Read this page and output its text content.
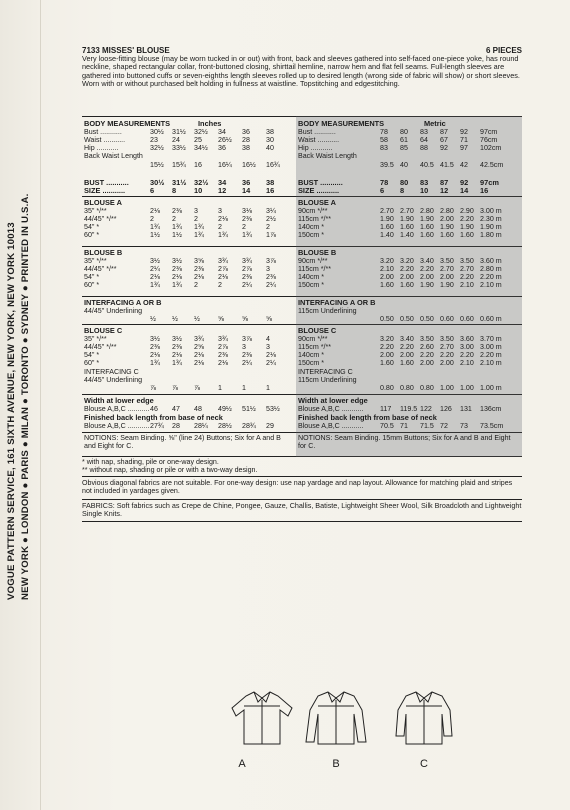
VOGUE PATTERN SERVICE, 161 SIXTH AVENUE, NEW YORK, NEW YORK 10013 NEW YORK ● LONDON ● PARIS ● MILAN ● TORONTO ● SYDNEY ● PRINTED IN U.S.A.
7133 MISSES' BLOUSE	6 PIECES
Very loose-fitting blouse (may be worn tucked in or out) with front, back and sleeves gathered into self-faced one-piece yoke, has round neckline, shaped rectangular collar, front-buttoned closing, shirttail hemline, narrow hem and flat fell seams. Full-length sleeves are gathered into buttoned cuffs or seven-eighths length sleeves rolled up to desired length (wrong side of fabric will show) or short sleeves. Worn with or without purchased belt holding in fullness at waistline. Topstitching and edgestitching.
BODY MEASUREMENTS	Inches
Bust ...........	30½ 31½ 32½ 34 36 38
Waist ...........	23 24 25 26½ 28 30
Hip ...........	32½ 33½ 34½ 36 38 40
Back Waist Length
15½ 15¾ 16 16¼ 16½ 16¾
BUST ...........	30½ 31½ 32½ 34 36 38
SIZE ...........	6 8 10 12 14 16
BLOUSE A
35" */**	2⅛ 2⅜ 3	3	3⅛ 3¼
44/45" */**	2	2	2	2⅛ 2⅜ 2½
54" *	1¾ 1¾ 1¾ 2	2	2
60" *	1½ 1½ 1¾ 1¾ 1¾ 1⅞
BLOUSE B
35" */**	3½ 3½ 3⅝ 3¾ 3¾ 3⅞
44/45" */**	2¼ 2⅜ 2⅜ 2⅞ 2⅞ 3
54" *	2⅛ 2⅛ 2⅛ 2⅛ 2⅜ 2⅜
60" *	1¾ 1¾ 2	2	2¼ 2¼
INTERFACING A OR B
44/45" Underlining
½ ½ ½	⅝	⅝	⅝
BLOUSE C
35" */**	3½ 3½ 3¾ 3¾ 3⅞ 4
44/45" */**	2⅜ 2⅜ 2⅝ 2⅞ 3	3
54" *	2⅛ 2⅛ 2⅛ 2⅜ 2⅜ 2⅛
60" *	1¾ 1¾ 2⅛ 2⅛ 2¼ 2¼
INTERFACING C
44/45" Underlining
⅞ ⅞ ⅞	1	1	1
Width at lower edge
Blouse A,B,C ........... 46 47 48 49½ 51½ 53½
Finished back length from base of neck
Blouse A,B,C ........... 27¾ 28 28¼ 28½ 28¾ 29
NOTIONS: Seam Binding. ⅝" (line 24) Buttons; Six for A and B and Eight for C.
BODY MEASUREMENTS	Metric
Bust ...........	78 80 83 87 92 97cm
Waist ...........	58 61 64 67 71 76cm
Hip ...........	83 85 88 92 97 102cm
Back Waist Length
39.5 40 40.5 41.5 42 42.5cm
BUST ...........	78 80 83 87 92 97cm
SIZE ...........	6 8 10 12 14 16
BLOUSE A
90cm */**	2.70 2.70 2.80 2.80 2.90 3.00 m
115cm */**	1.90 1.90 1.90 2.00 2.20 2.30 m
140cm *	1.60 1.60 1.60 1.90 1.90 1.90 m
150cm *	1.40 1.40 1.60 1.60 1.60 1.80 m
BLOUSE B
90cm */**	3.20 3.20 3.40 3.50 3.50 3.60 m
115cm */**	2.10 2.20 2.20 2.70 2.70 2.80 m
140cm *	2.00 2.00 2.00 2.00 2.20 2.20 m
150cm *	1.60 1.60 1.90 1.90 2.10 2.10 m
INTERFACING A OR B
115cm Underlining
0.50 0.50 0.50 0.60 0.60 0.60 m
BLOUSE C
90cm */**	3.20 3.40 3.50 3.50 3.60 3.70 m
115cm */**	2.20 2.20 2.60 2.70 3.00 3.00 m
140cm *	2.00 2.00 2.20 2.20 2.20 2.20 m
150cm *	1.60 1.60 2.00 2.00 2.10 2.10 m
INTERFACING C
115cm Underlining
0.80 0.80 0.80 1.00 1.00 1.00 m
Width at lower edge
Blouse A,B,C ........... 117 119.5 122 126 131 136cm
Finished back length from base of neck
Blouse A,B,C ........... 70.5 71 71.5 72 73 73.5cm
NOTIONS: Seam Binding. 15mm Buttons; Six for A and B and Eight for C.
* with nap, shading, pile or one-way design.
** without nap, shading or pile or with a two-way design.
Obvious diagonal fabrics are not suitable. For one-way design: use nap yardage and nap layout. Allowance for matching plaid and stripes not included in yardages given.
FABRICS: Soft fabrics such as Crepe de Chine, Pongee, Gauze, Challis, Batiste, Lightweight Sheer Wool, Silk Broadcloth and Lightweight Single Knits.
A	B	C
